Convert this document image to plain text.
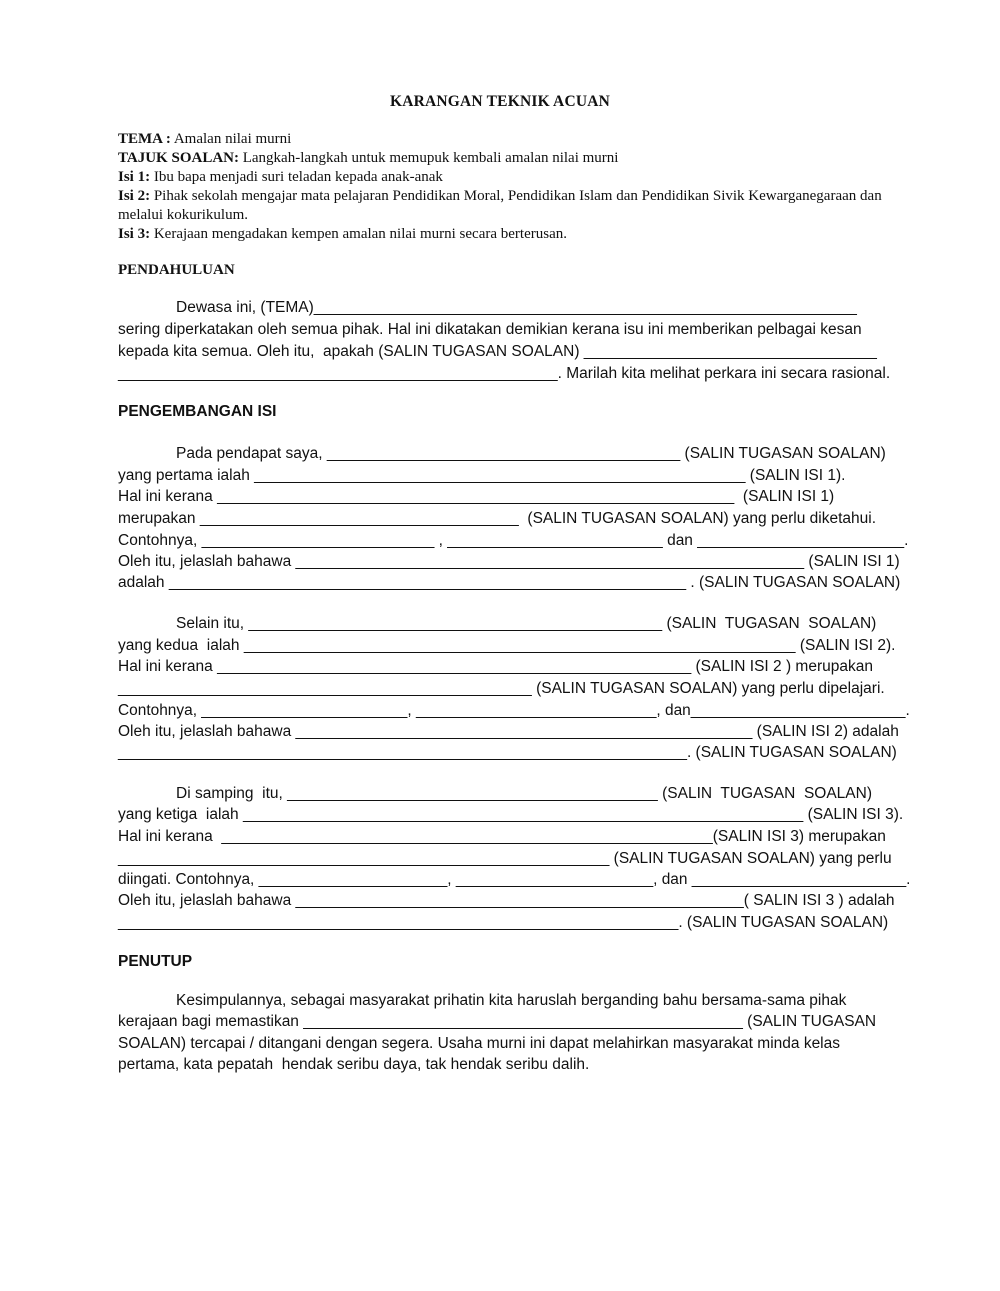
KARANGAN TEKNIK ACUAN
TEMA : Amalan nilai murni
TAJUK SOALAN: Langkah-langkah untuk memupuk kembali amalan nilai murni
Isi 1: Ibu bapa menjadi suri teladan kepada anak-anak
Isi 2: Pihak sekolah mengajar mata pelajaran Pendidikan Moral, Pendidikan Islam dan Pendidikan Sivik Kewarganegaraan dan melalui kokurikulum.
Isi 3: Kerajaan mengadakan kempen amalan nilai murni secara berterusan.
PENDAHULUAN
Dewasa ini, (TEMA)_______________________________________________________________
sering diperkatakan oleh semua pihak. Hal ini dikatakan demikian kerana isu ini memberikan pelbagai kesan
kepada kita semua. Oleh itu,  apakah (SALIN TUGASAN SOALAN) __________________________________
___________________________________________________. Marilah kita melihat perkara ini secara rasional.
PENGEMBANGAN ISI
Pada pendapat saya, _________________________________________ (SALIN TUGASAN SOALAN)
yang pertama ialah _________________________________________________________ (SALIN ISI 1).
Hal ini kerana ____________________________________________________________  (SALIN ISI 1)
merupakan _____________________________________  (SALIN TUGASAN SOALAN) yang perlu diketahui.
Contohnya, ___________________________ , _________________________ dan ________________________.
Oleh itu, jelaslah bahawa ___________________________________________________________ (SALIN ISI 1)
adalah ____________________________________________________________ . (SALIN TUGASAN SOALAN)
Selain itu, ________________________________________________ (SALIN  TUGASAN  SOALAN)
yang kedua  ialah ________________________________________________________________ (SALIN ISI 2).
Hal ini kerana _______________________________________________________ (SALIN ISI 2 ) merupakan
________________________________________________ (SALIN TUGASAN SOALAN) yang perlu dipelajari.
Contohnya, ________________________, ____________________________, dan_________________________.
Oleh itu, jelaslah bahawa _____________________________________________________ (SALIN ISI 2) adalah
__________________________________________________________________. (SALIN TUGASAN SOALAN)
Di samping  itu, ___________________________________________ (SALIN  TUGASAN  SOALAN)
yang ketiga  ialah _________________________________________________________________ (SALIN ISI 3).
Hal ini kerana  _________________________________________________________(SALIN ISI 3) merupakan
_________________________________________________________ (SALIN TUGASAN SOALAN) yang perlu
diingati. Contohnya, ______________________, _______________________, dan _________________________.
Oleh itu, jelaslah bahawa ____________________________________________________( SALIN ISI 3 ) adalah
_________________________________________________________________. (SALIN TUGASAN SOALAN)
PENUTUP
Kesimpulannya, sebagai masyarakat prihatin kita haruslah berganding bahu bersama-sama pihak
kerajaan bagi memastikan ___________________________________________________ (SALIN TUGASAN
SOALAN) tercapai / ditangani dengan segera. Usaha murni ini dapat melahirkan masyarakat minda kelas
pertama, kata pepatah  hendak seribu daya, tak hendak seribu dalih.
